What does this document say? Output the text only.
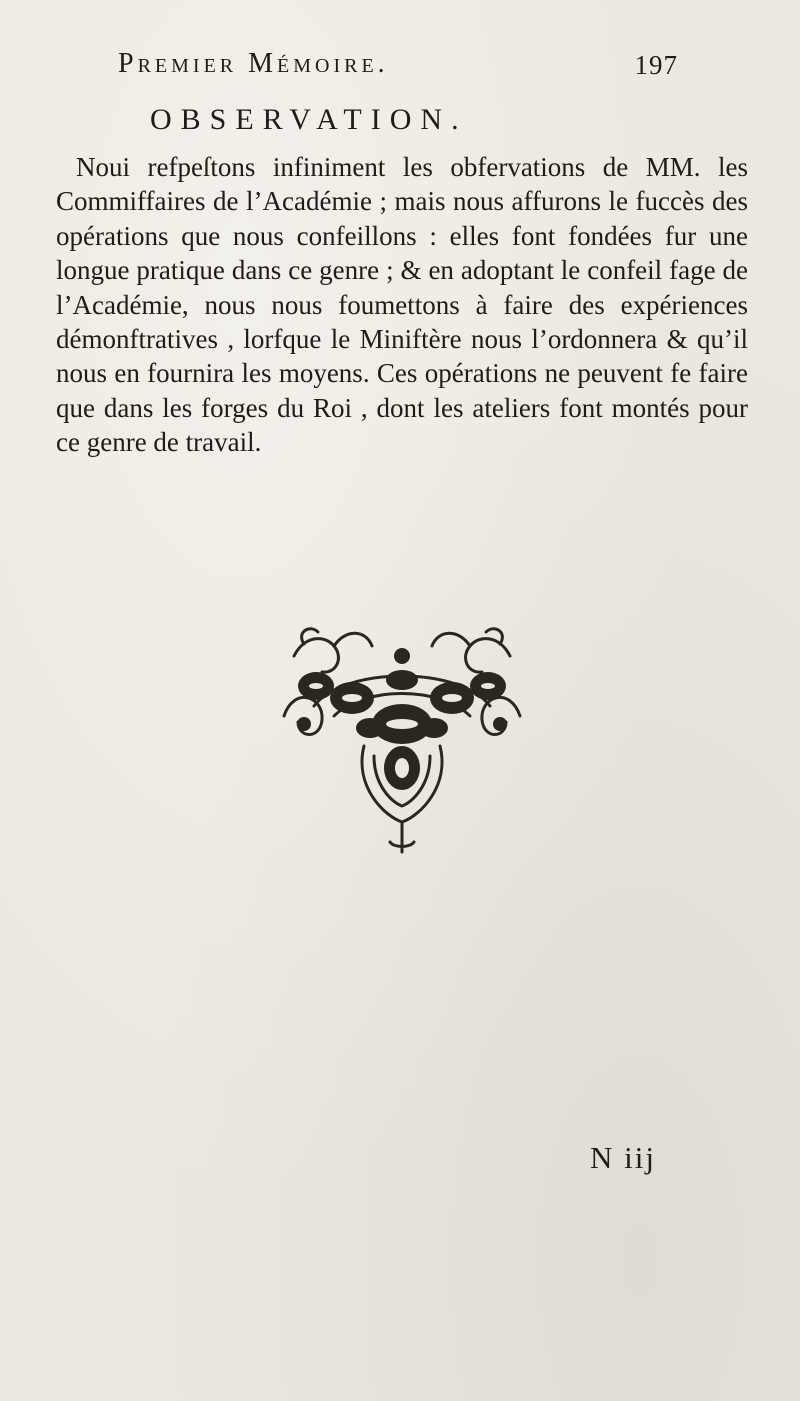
Premier Mémoire.	197
OBSERVATION.

Noui refpeſtons infiniment les obfervations de MM. les Commiffaires de l’Académie ; mais nous affurons le fuccès des opérations que nous confeillons : elles font fondées fur une longue pratique dans ce genre ; & en adoptant le confeil fage de l’Académie, nous nous foumettons à faire des expériences démonftratives , lorfque le Miniftère nous l’ordonnera & qu’il nous en fournira les moyens. Ces opérations ne peuvent fe faire que dans les forges du Roi , dont les ateliers font montés pour ce genre de travail.

N iij
